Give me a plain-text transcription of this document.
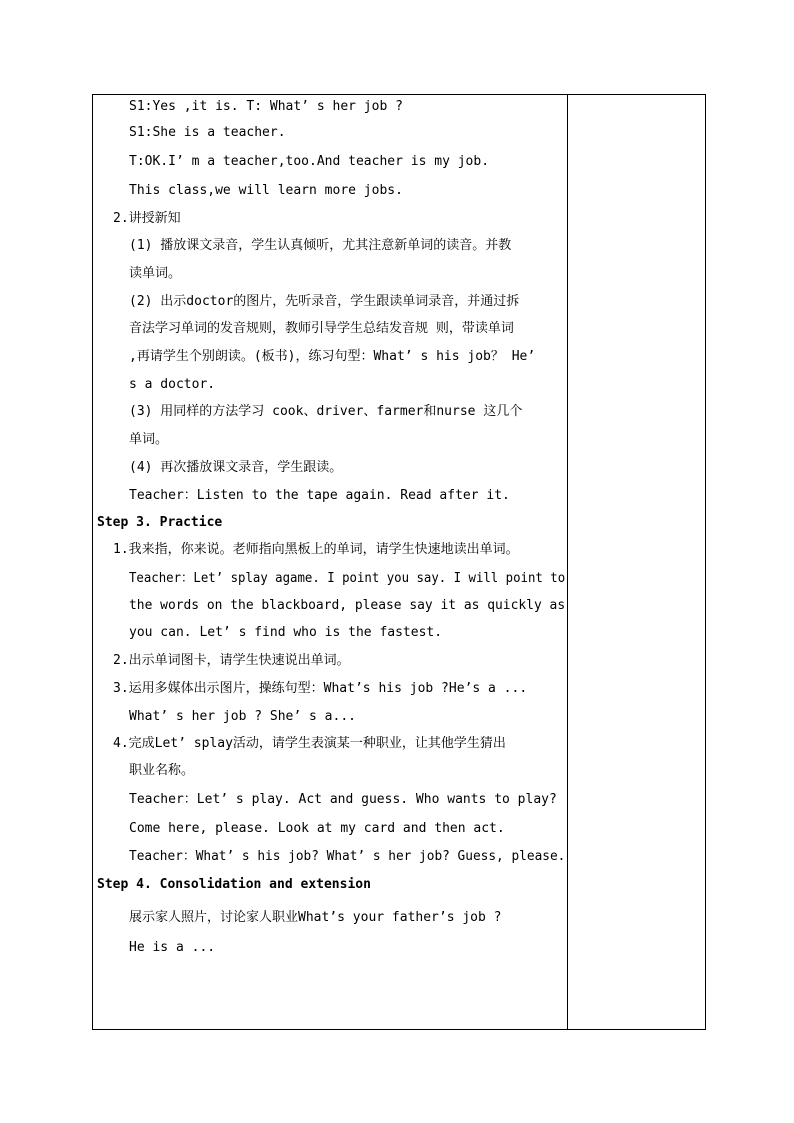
S1:Yes ,it is. T: What’ s her job ?
S1:She is a teacher.
T:OK.I’ m a teacher,too.And teacher is my job.
This class,we will learn more jobs.
2.讲授新知
(1) 播放课文录音，学生认真倾听，尤其注意新单词的读音。并教
读单词。
(2) 出示doctor的图片，先听录音，学生跟读单词录音，并通过拆
音法学习单词的发音规则，教师引导学生总结发音规 则，带读单词
,再请学生个别朗读。(板书)，练习句型：What’ s his job？ He’
s a doctor.
(3) 用同样的方法学习 cook、driver、farmer和nurse 这几个
单词。
(4) 再次播放课文录音，学生跟读。
Teacher：Listen to the tape again. Read after it.
Step 3. Practice
1.我来指，你来说。老师指向黑板上的单词，请学生快速地读出单词。
Teacher：Let’ splay agame. I point you say. I will point to
the words on the blackboard, please say it as quickly as
you can. Let’ s find who is the fastest.
2.出示单词图卡，请学生快速说出单词。
3.运用多媒体出示图片，操练句型：What’s his job ?He’s a ...
What’ s her job ? She’ s a...
4.完成Let’ splay活动，请学生表演某一种职业，让其他学生猜出
职业名称。
Teacher：Let’ s play. Act and guess. Who wants to play?
Come here, please. Look at my card and then act.
Teacher：What’ s his job? What’ s her job? Guess, please.
Step 4. Consolidation and extension
展示家人照片，讨论家人职业What’s your father’s job ?
He is a ...
